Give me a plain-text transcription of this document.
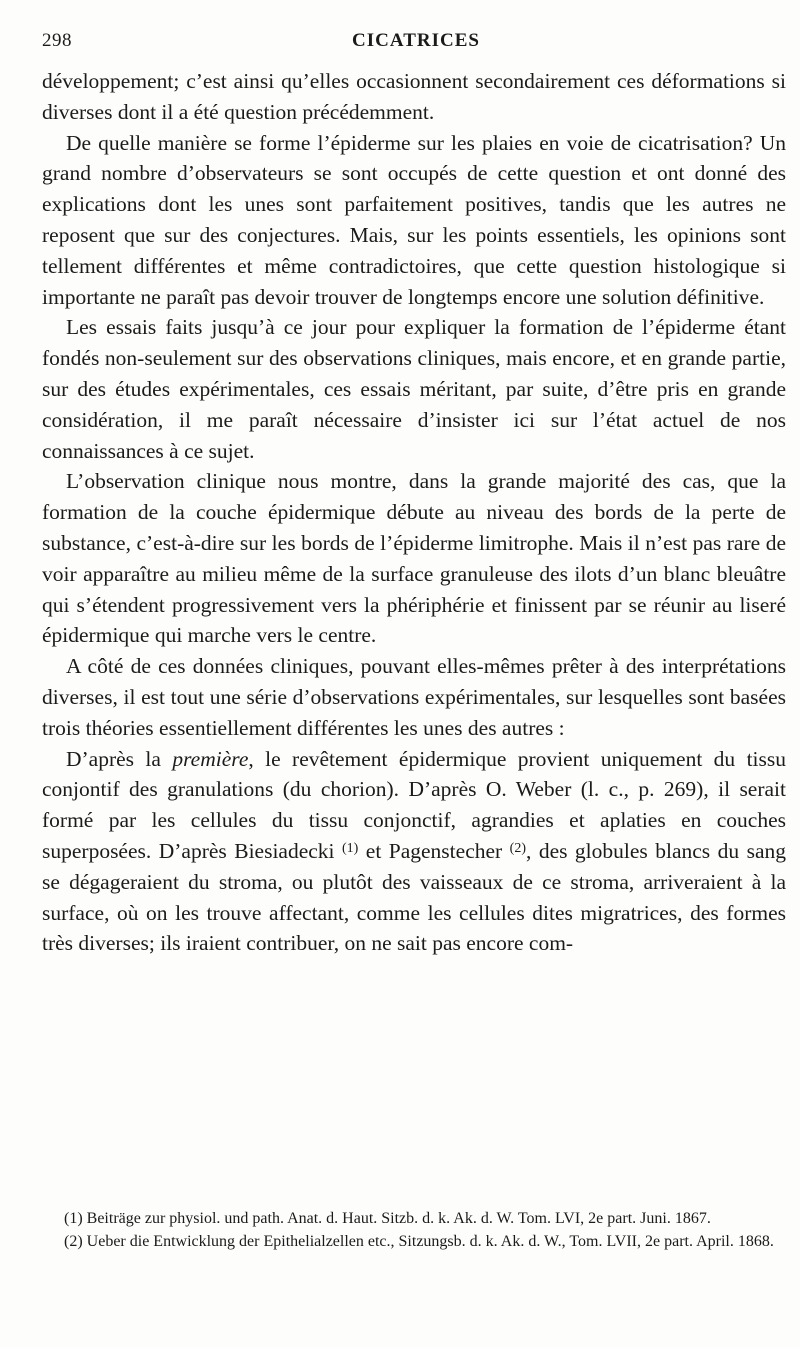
298	CICATRICES

développement; c’est ainsi qu’elles occasionnent secondairement ces déformations si diverses dont il a été question précédemment.

De quelle manière se forme l’épiderme sur les plaies en voie de cicatrisation? Un grand nombre d’observateurs se sont occupés de cette question et ont donné des explications dont les unes sont parfaitement positives, tandis que les autres ne reposent que sur des conjectures. Mais, sur les points essentiels, les opinions sont tellement différentes et même contradictoires, que cette question histologique si importante ne paraît pas devoir trouver de longtemps encore une solution définitive.

Les essais faits jusqu’à ce jour pour expliquer la formation de l’épiderme étant fondés non-seulement sur des observations cliniques, mais encore, et en grande partie, sur des études expérimentales, ces essais méritant, par suite, d’être pris en grande considération, il me paraît nécessaire d’insister ici sur l’état actuel de nos connaissances à ce sujet.

L’observation clinique nous montre, dans la grande majorité des cas, que la formation de la couche épidermique débute au niveau des bords de la perte de substance, c’est-à-dire sur les bords de l’épiderme limitrophe. Mais il n’est pas rare de voir apparaître au milieu même de la surface granuleuse des ilots d’un blanc bleuâtre qui s’étendent progressivement vers la phériphérie et finissent par se réunir au liseré épidermique qui marche vers le centre.

A côté de ces données cliniques, pouvant elles-mêmes prêter à des interprétations diverses, il est tout une série d’observations expérimentales, sur lesquelles sont basées trois théories essentiellement différentes les unes des autres :

D’après la première, le revêtement épidermique provient uniquement du tissu conjontif des granulations (du chorion). D’après O. Weber (l. c., p. 269), il serait formé par les cellules du tissu conjonctif, agrandies et aplaties en couches superposées. D’après Biesiadecki $^{(1)}$ et Pagenstecher $^{(2)}$, des globules blancs du sang se dégageraient du stroma, ou plutôt des vaisseaux de ce stroma, arriveraient à la surface, où on les trouve affectant, comme les cellules dites migratrices, des formes très diverses; ils iraient contribuer, on ne sait pas encore com-

(1) Beiträge zur physiol. und path. Anat. d. Haut. Sitzb. d. k. Ak. d. W. Tom. LVI, 2e part. Juni. 1867.

(2) Ueber die Entwicklung der Epithelialzellen etc., Sitzungsb. d. k. Ak. d. W., Tom. LVII, 2e part. April. 1868.
